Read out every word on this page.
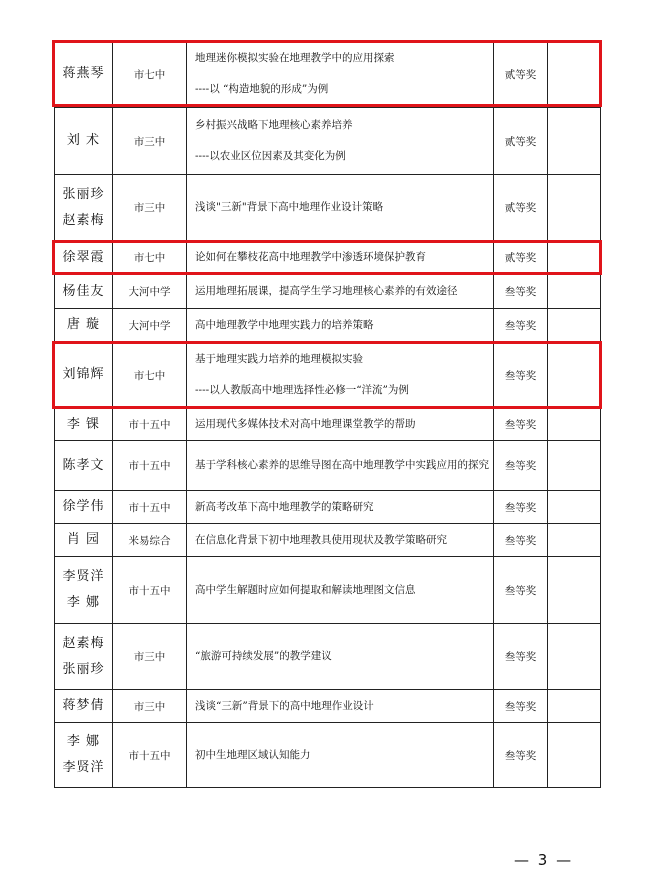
蒋燕琴	市七中	地理迷你模拟实验在地理教学中的应用探索
----以 “构造地貌的形成”为例	贰等奖	

刘 术	市三中	乡村振兴战略下地理核心素养培养
----以农业区位因素及其变化为例	贰等奖	

张丽珍
赵素梅	市三中	浅谈"三新"背景下高中地理作业设计策略	贰等奖	

徐翠霞	市七中	论如何在攀枝花高中地理教学中渗透环境保护教育	贰等奖	

杨佳友	大河中学	运用地理拓展课，提高学生学习地理核心素养的有效途径	叁等奖	

唐 璇	大河中学	高中地理教学中地理实践力的培养策略	叁等奖	

刘锦辉	市七中	基于地理实践力培养的地理模拟实验
----以人教版高中地理选择性必修一“洋流”为例	叁等奖	

李 锞	市十五中	运用现代多媒体技术对高中地理课堂教学的帮助	叁等奖	

陈孝文	市十五中	基于学科核心素养的思维导图在高中地理教学中实践应用的探究	叁等奖	

徐学伟	市十五中	新高考改革下高中地理教学的策略研究	叁等奖	

肖 园	米易综合	在信息化背景下初中地理教具使用现状及教学策略研究	叁等奖	

李贤洋
李 娜	市十五中	高中学生解题时应如何提取和解读地理图文信息	叁等奖	

赵素梅
张丽珍	市三中	“旅游可持续发展”的教学建议	叁等奖	

蒋梦倩	市三中	浅谈“三新”背景下的高中地理作业设计	叁等奖	

李 娜
李贤洋	市十五中	初中生地理区域认知能力	叁等奖	
— 3 —
